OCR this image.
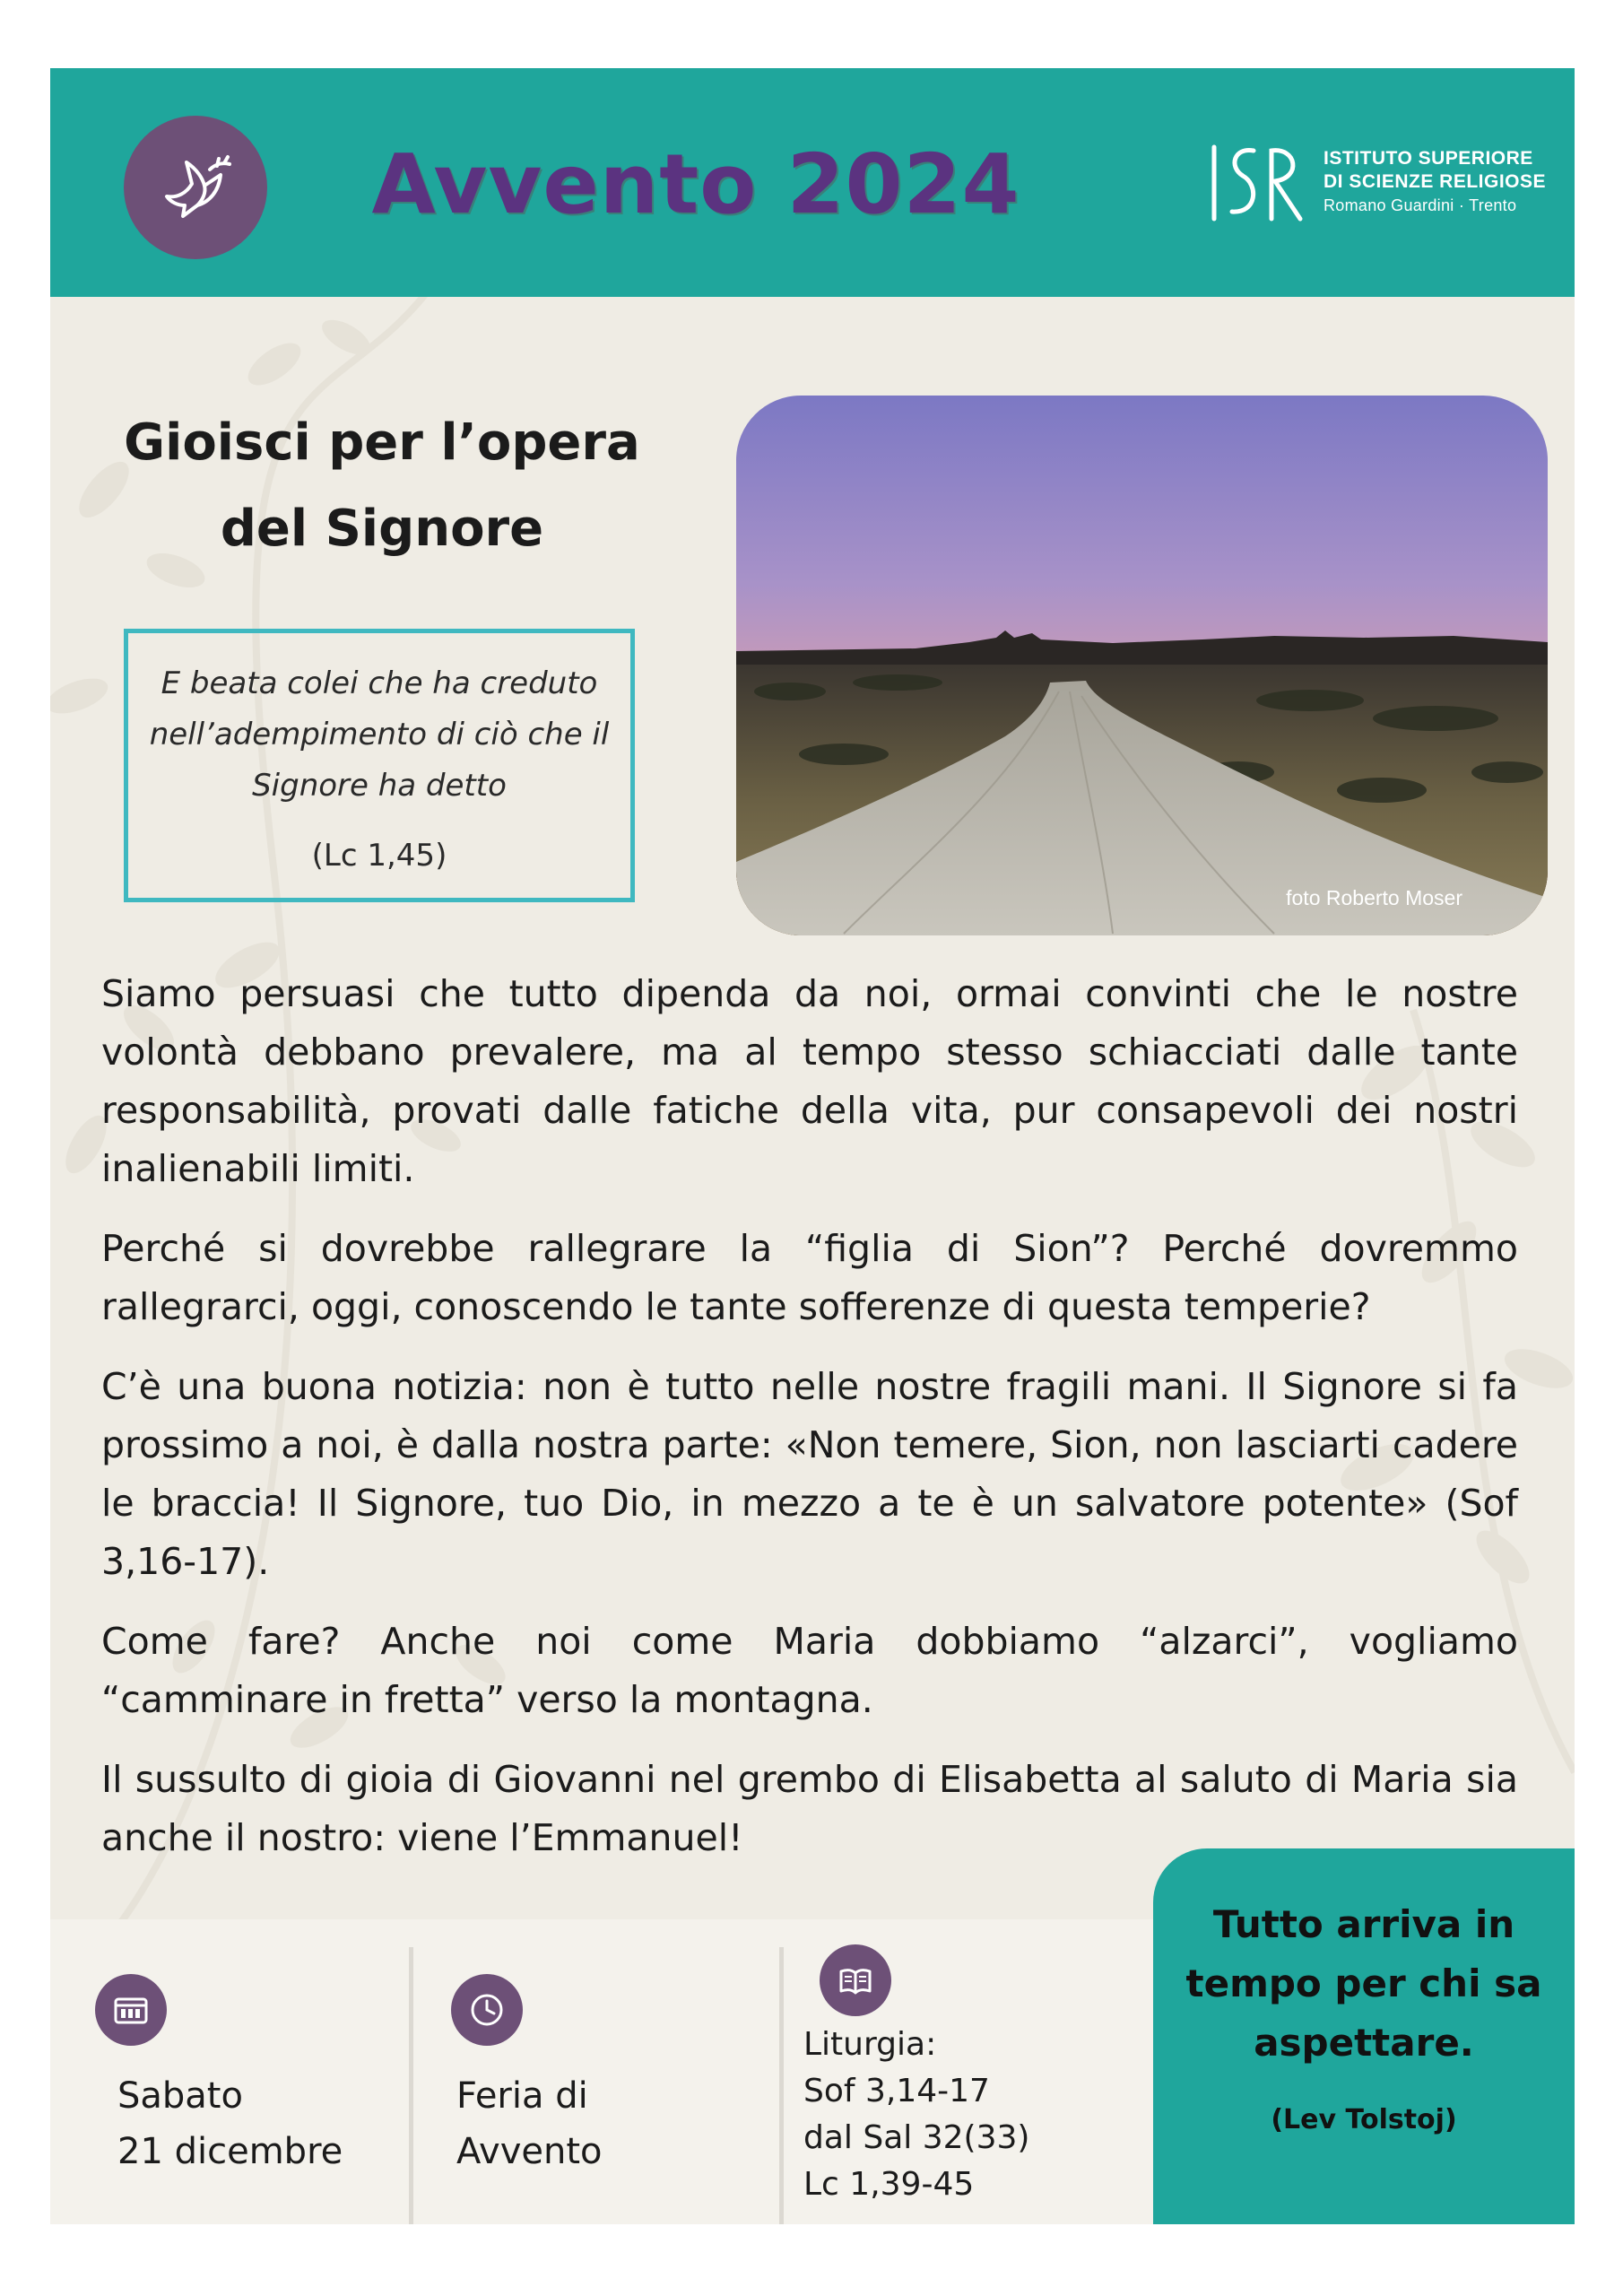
Avvento 2024	ISTITUTO SUPERIORE
DI SCIENZE RELIGIOSE
Romano Guardini · Trento
Gioisci per l’opera
del Signore
E beata colei che ha creduto nell’adempimento di ciò che il Signore ha detto
(Lc 1,45)
foto Roberto Moser

Siamo persuasi che tutto dipenda da noi, ormai convinti che le nostre volontà debbano prevalere, ma al tempo stesso schiacciati dalle tante responsabilità, provati dalle fatiche della vita, pur consapevoli dei nostri inalienabili limiti.

Perché si dovrebbe rallegrare la “figlia di Sion”? Perché dovremmo rallegrarci, oggi, conoscendo le tante sofferenze di questa temperie?

C’è una buona notizia: non è tutto nelle nostre fragili mani. Il Signore si fa prossimo a noi, è dalla nostra parte: «Non temere, Sion, non lasciarti cadere le braccia! Il Signore, tuo Dio, in mezzo a te è un salvatore potente» (Sof 3,16-17).

Come fare? Anche noi come Maria dobbiamo “alzarci”, vogliamo “camminare in fretta” verso la montagna.

Il sussulto di gioia di Giovanni nel grembo di Elisabetta al saluto di Maria sia anche il nostro: viene l’Emmanuel!

Sabato
21 dicembre
Feria di
Avvento
Liturgia:
Sof 3,14-17
dal Sal 32(33)
Lc 1,39-45
Tutto arriva in tempo per chi sa aspettare.
(Lev Tolstoj)
